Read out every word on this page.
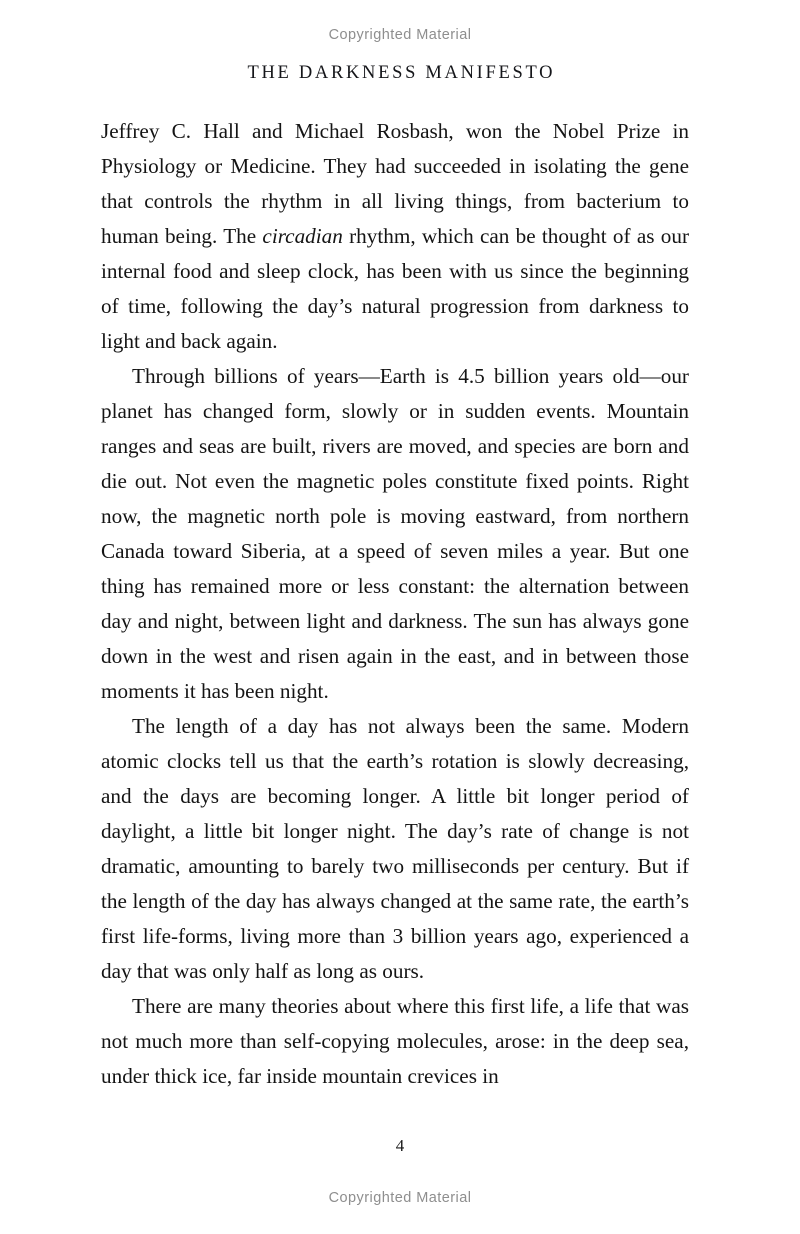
Copyrighted Material
THE DARKNESS MANIFESTO

Jeffrey C. Hall and Michael Rosbash, won the Nobel Prize in Physiology or Medicine. They had succeeded in isolating the gene that controls the rhythm in all living things, from bacterium to human being. The circadian rhythm, which can be thought of as our internal food and sleep clock, has been with us since the beginning of time, following the day’s natural progression from darkness to light and back again.

Through billions of years—Earth is 4.5 billion years old—our planet has changed form, slowly or in sudden events. Mountain ranges and seas are built, rivers are moved, and species are born and die out. Not even the magnetic poles constitute fixed points. Right now, the magnetic north pole is moving eastward, from northern Canada toward Siberia, at a speed of seven miles a year. But one thing has remained more or less constant: the alternation between day and night, between light and darkness. The sun has always gone down in the west and risen again in the east, and in between those moments it has been night.

The length of a day has not always been the same. Modern atomic clocks tell us that the earth’s rotation is slowly decreasing, and the days are becoming longer. A little bit longer period of daylight, a little bit longer night. The day’s rate of change is not dramatic, amounting to barely two milliseconds per century. But if the length of the day has always changed at the same rate, the earth’s first life-forms, living more than 3 billion years ago, experienced a day that was only half as long as ours.

There are many theories about where this first life, a life that was not much more than self-copying molecules, arose: in the deep sea, under thick ice, far inside mountain crevices in

4
Copyrighted Material
